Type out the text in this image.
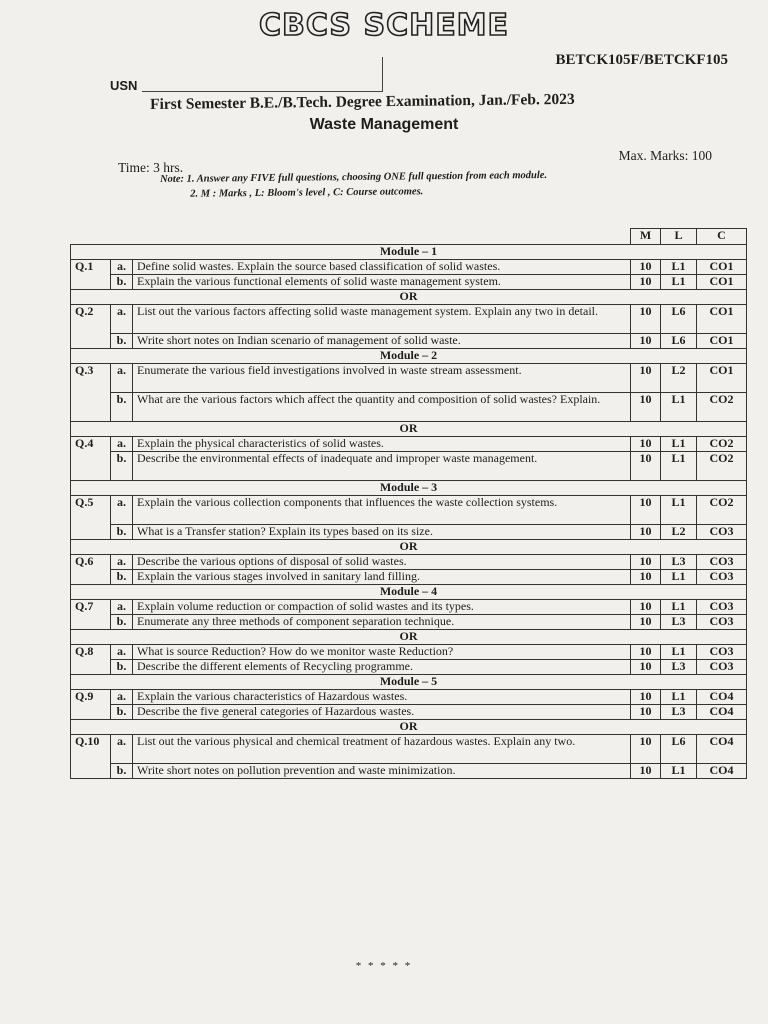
CBCS SCHEME
BETCK105F/BETCKF105
USN
First Semester B.E./B.Tech. Degree Examination, Jan./Feb. 2023
Waste Management
Time: 3 hrs.
Max. Marks: 100
Note: 1. Answer any FIVE full questions, choosing ONE full question from each module.
2. M : Marks , L: Bloom's level , C: Course outcomes.
			M	L	C
Module – 1					
Q.1	a.	Define solid wastes. Explain the source based classification of solid wastes.	10	L1	CO1
	b.	Explain the various functional elements of solid waste management system.	10	L1	CO1
OR					
Q.2	a.	List out the various factors affecting solid waste management system. Explain any two in detail.	10	L6	CO1
	b.	Write short notes on Indian scenario of management of solid waste.	10	L6	CO1
Module – 2					
Q.3	a.	Enumerate the various field investigations involved in waste stream assessment.	10	L2	CO1
	b.	What are the various factors which affect the quantity and composition of solid wastes? Explain.	10	L1	CO2
OR					
Q.4	a.	Explain the physical characteristics of solid wastes.	10	L1	CO2
	b.	Describe the environmental effects of inadequate and improper waste management.	10	L1	CO2
Module – 3					
Q.5	a.	Explain the various collection components that influences the waste collection systems.	10	L1	CO2
	b.	What is a Transfer station? Explain its types based on its size.	10	L2	CO3
OR					
Q.6	a.	Describe the various options of disposal of solid wastes.	10	L3	CO3
	b.	Explain the various stages involved in sanitary land filling.	10	L1	CO3
Module – 4					
Q.7	a.	Explain volume reduction or compaction of solid wastes and its types.	10	L1	CO3
	b.	Enumerate any three methods of component separation technique.	10	L3	CO3
OR					
Q.8	a.	What is source Reduction? How do we monitor waste Reduction?	10	L1	CO3
	b.	Describe the different elements of Recycling programme.	10	L3	CO3
Module – 5					
Q.9	a.	Explain the various characteristics of Hazardous wastes.	10	L1	CO4
	b.	Describe the five general categories of Hazardous wastes.	10	L3	CO4
OR					
Q.10	a.	List out the various physical and chemical treatment of hazardous wastes. Explain any two.	10	L6	CO4
	b.	Write short notes on pollution prevention and waste minimization.	10	L1	CO4
* * * * *
